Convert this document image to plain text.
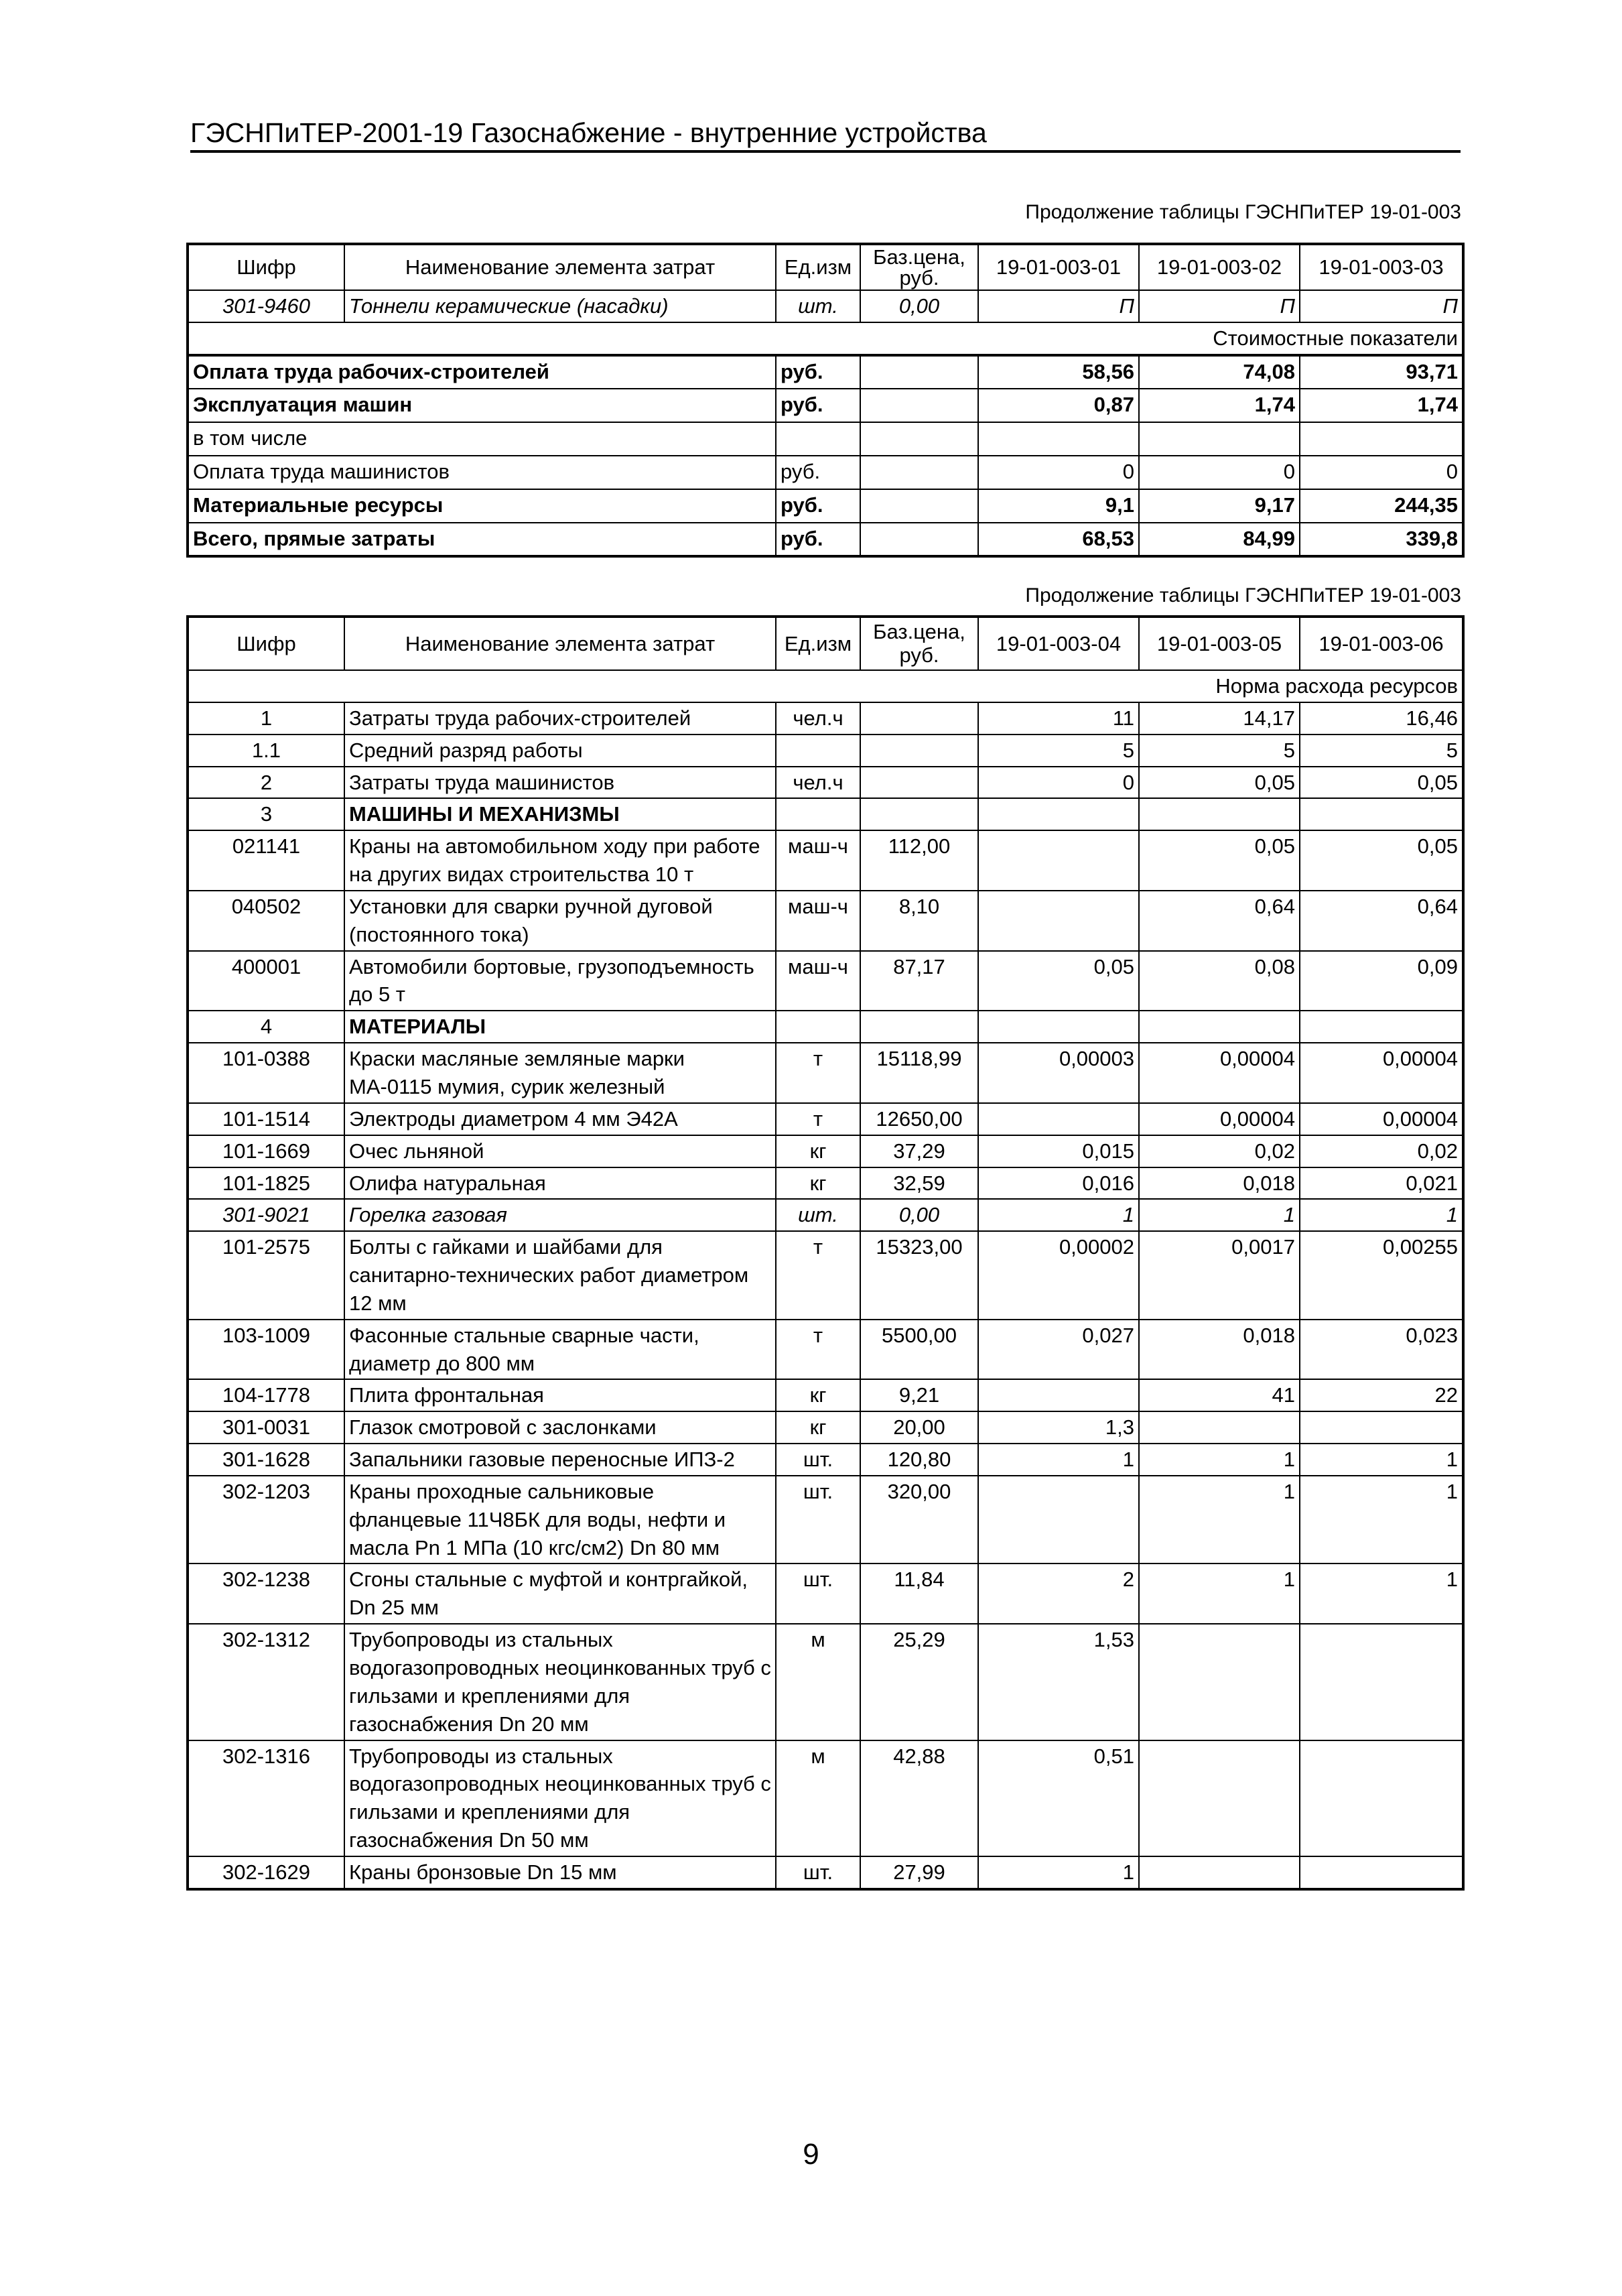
ГЭСНПиТЕР-2001-19 Газоснабжение - внутренние устройства
Продолжение таблицы ГЭСНПиТЕР 19-01-003
Шифр	Наименование элемента затрат	Ед.изм	Баз.цена, руб.	19-01-003-01	19-01-003-02	19-01-003-03
301-9460	Тоннели керамические (насадки)	шт.	0,00	П	П	П
Стоимостные показатели						
Оплата труда рабочих-строителей		руб.		58,56	74,08	93,71
Эксплуатация машин		руб.		0,87	1,74	1,74
в том числе						
Оплата труда машинистов		руб.		0	0	0
Материальные ресурсы		руб.		9,1	9,17	244,35
Всего, прямые затраты		руб.		68,53	84,99	339,8
Продолжение таблицы ГЭСНПиТЕР 19-01-003
Шифр	Наименование элемента затрат	Ед.изм	Баз.цена, руб.	19-01-003-04	19-01-003-05	19-01-003-06
Норма расхода ресурсов						
1	Затраты труда рабочих-строителей	чел.ч		11	14,17	16,46
1.1	Средний разряд работы			5	5	5
2	Затраты труда машинистов	чел.ч		0	0,05	0,05
3	МАШИНЫ И МЕХАНИЗМЫ					
021141	Краны на автомобильном ходу при работе на других видах строительства 10 т	маш-ч	112,00		0,05	0,05
040502	Установки для сварки ручной дуговой (постоянного тока)	маш-ч	8,10		0,64	0,64
400001	Автомобили бортовые, грузоподъемность до 5 т	маш-ч	87,17	0,05	0,08	0,09
4	МАТЕРИАЛЫ					
101-0388	Краски масляные земляные марки МА-0115 мумия, сурик железный	т	15118,99	0,00003	0,00004	0,00004
101-1514	Электроды диаметром 4 мм Э42А	т	12650,00		0,00004	0,00004
101-1669	Очес льняной	кг	37,29	0,015	0,02	0,02
101-1825	Олифа натуральная	кг	32,59	0,016	0,018	0,021
301-9021	Горелка газовая	шт.	0,00	1	1	1
101-2575	Болты с гайками и шайбами для санитарно-технических работ диаметром 12 мм	т	15323,00	0,00002	0,0017	0,00255
103-1009	Фасонные стальные сварные части, диаметр до 800 мм	т	5500,00	0,027	0,018	0,023
104-1778	Плита фронтальная	кг	9,21		41	22
301-0031	Глазок смотровой с заслонками	кг	20,00	1,3		
301-1628	Запальники газовые переносные ИПЗ-2	шт.	120,80	1	1	1
302-1203	Краны проходные сальниковые фланцевые 11Ч8БК для воды, нефти и масла Pn 1 МПа (10 кгс/см2) Dn 80 мм	шт.	320,00		1	1
302-1238	Сгоны стальные с муфтой и контргайкой, Dn 25 мм	шт.	11,84	2	1	1
302-1312	Трубопроводы из стальных водогазопроводных неоцинкованных труб с гильзами и креплениями для газоснабжения Dn 20 мм	м	25,29	1,53		
302-1316	Трубопроводы из стальных водогазопроводных неоцинкованных труб с гильзами и креплениями для газоснабжения Dn 50 мм	м	42,88	0,51		
302-1629	Краны бронзовые Dn 15 мм	шт.	27,99	1		
9
